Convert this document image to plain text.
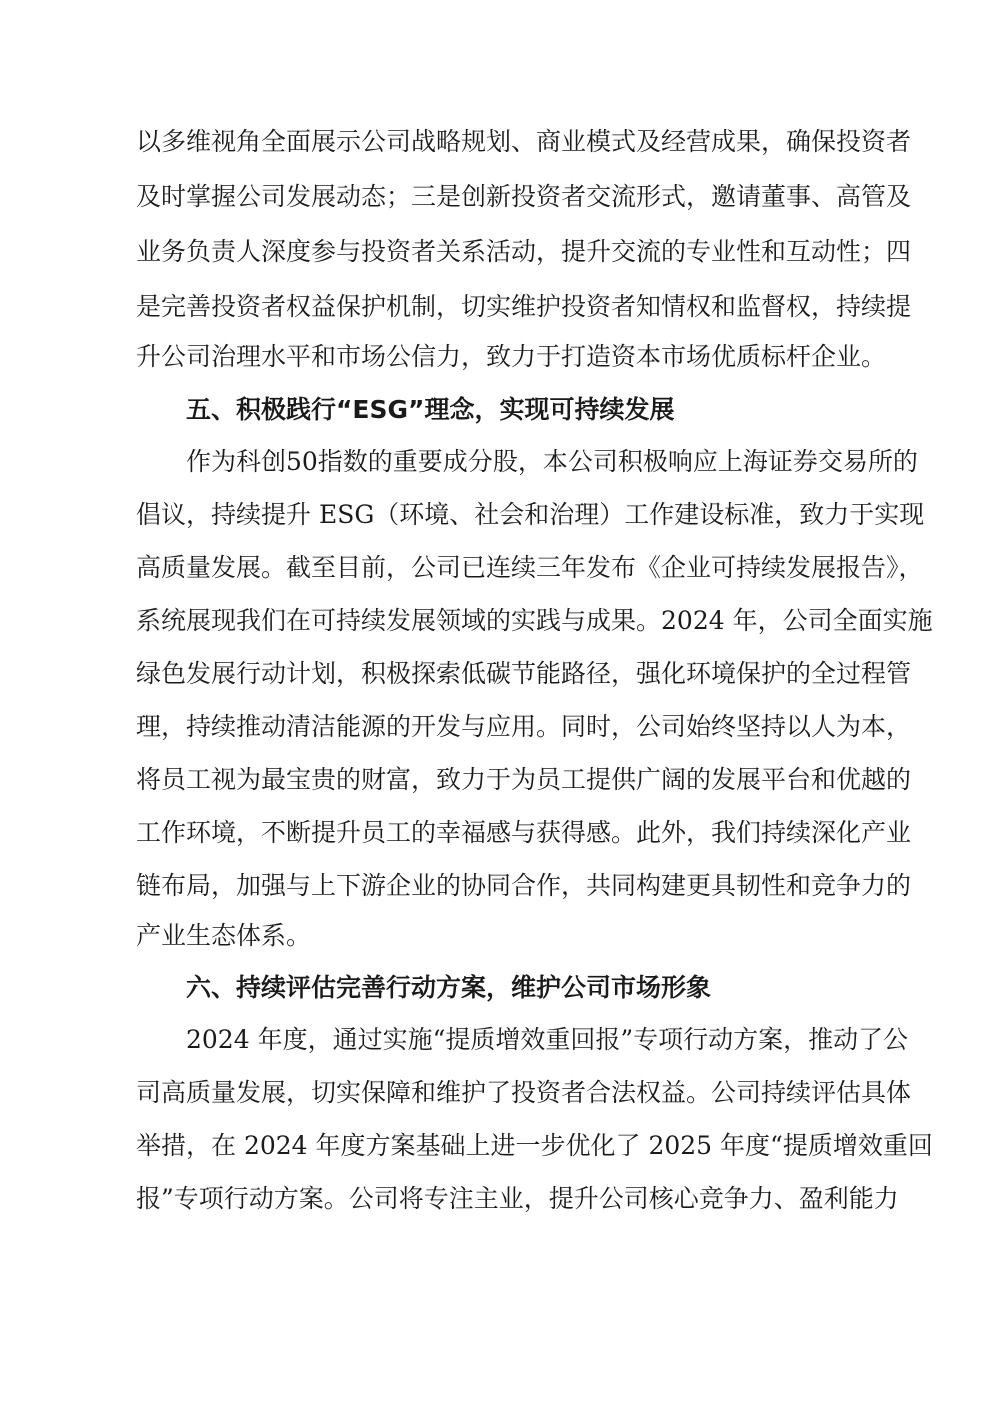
以多维视角全面展示公司战略规划、商业模式及经营成果，确保投资者
及时掌握公司发展动态；三是创新投资者交流形式，邀请董事、高管及
业务负责人深度参与投资者关系活动，提升交流的专业性和互动性；四
是完善投资者权益保护机制，切实维护投资者知情权和监督权，持续提
升公司治理水平和市场公信力，致力于打造资本市场优质标杆企业。
五、积极践行“ESG”理念，实现可持续发展
作为科创50指数的重要成分股，本公司积极响应上海证券交易所的
倡议，持续提升 ESG（环境、社会和治理）工作建设标准，致力于实现
高质量发展。截至目前，公司已连续三年发布《企业可持续发展报告》，
系统展现我们在可持续发展领域的实践与成果。2024 年，公司全面实施
绿色发展行动计划，积极探索低碳节能路径，强化环境保护的全过程管
理，持续推动清洁能源的开发与应用。同时，公司始终坚持以人为本，
将员工视为最宝贵的财富，致力于为员工提供广阔的发展平台和优越的
工作环境，不断提升员工的幸福感与获得感。此外，我们持续深化产业
链布局，加强与上下游企业的协同合作，共同构建更具韧性和竞争力的
产业生态体系。
六、持续评估完善行动方案，维护公司市场形象
2024 年度，通过实施“提质增效重回报”专项行动方案，推动了公
司高质量发展，切实保障和维护了投资者合法权益。公司持续评估具体
举措，在 2024 年度方案基础上进一步优化了 2025 年度“提质增效重回
报”专项行动方案。公司将专注主业，提升公司核心竞争力、盈利能力
